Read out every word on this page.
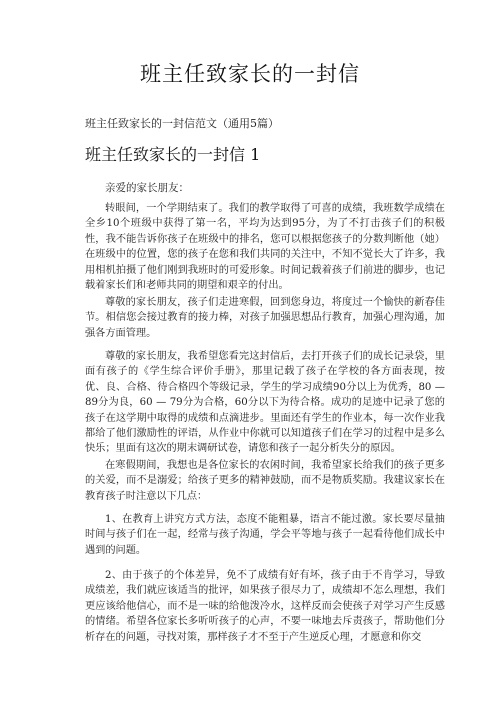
班主任致家长的一封信
班主任致家长的一封信范文（通用5篇）
班主任致家长的一封信 1
亲爱的家长朋友：

转眼间，一个学期结束了。我们的教学取得了可喜的成绩，我班数学成绩在全乡10个班级中获得了第一名，平均为达到95分，为了不打击孩子们的积极性，我不能告诉你孩子在班级中的排名，您可以根据您孩子的分数判断他（她）在班级中的位置，您的孩子在您和我们共同的关注中，不知不觉长大了许多，我用相机拍摄了他们刚到我班时的可爱形象。时间记载着孩子们前进的脚步，也记载着家长们和老师共同的期望和艰辛的付出。

尊敬的家长朋友，孩子们走进寒假，回到您身边，将度过一个愉快的新春佳节。相信您会接过教育的接力棒，对孩子加强思想品行教育，加强心理沟通，加强各方面管理。

尊敬的家长朋友，我希望您看完这封信后，去打开孩子们的成长记录袋，里面有孩子的《学生综合评价手册》，那里记载了孩子在学校的各方面表现，按优、良、合格、待合格四个等级记录，学生的学习成绩90分以上为优秀，80 — 89分为良，60 — 79分为合格，60分以下为待合格。成功的足迹中记录了您的孩子在这学期中取得的成绩和点滴进步。里面还有学生的作业本，每一次作业我都给了他们激励性的评语，从作业中你就可以知道孩子们在学习的过程中是多么快乐；里面有这次的期末调研试卷，请您和孩子一起分析失分的原因。

在寒假期间，我想也是各位家长的农闲时间，我希望家长给我们的孩子更多的关爱，而不是溺爱；给孩子更多的精神鼓励，而不是物质奖励。我建议家长在教育孩子时注意以下几点：

1、在教育上讲究方式方法，态度不能粗暴，语言不能过激。家长要尽量抽时间与孩子们在一起，经常与孩子沟通，学会平等地与孩子一起看待他们成长中遇到的问题。

2、由于孩子的个体差异，免不了成绩有好有坏，孩子由于不肯学习，导致成绩差，我们就应该适当的批评，如果孩子很尽力了，成绩却不怎么理想，我们更应该给他信心，而不是一味的给他泼冷水，这样反而会使孩子对学习产生反感的情绪。希望各位家长多听听孩子的心声，不要一味地去斥责孩子，帮助他们分析存在的问题，寻找对策，那样孩子才不至于产生逆反心理，才愿意和你交
